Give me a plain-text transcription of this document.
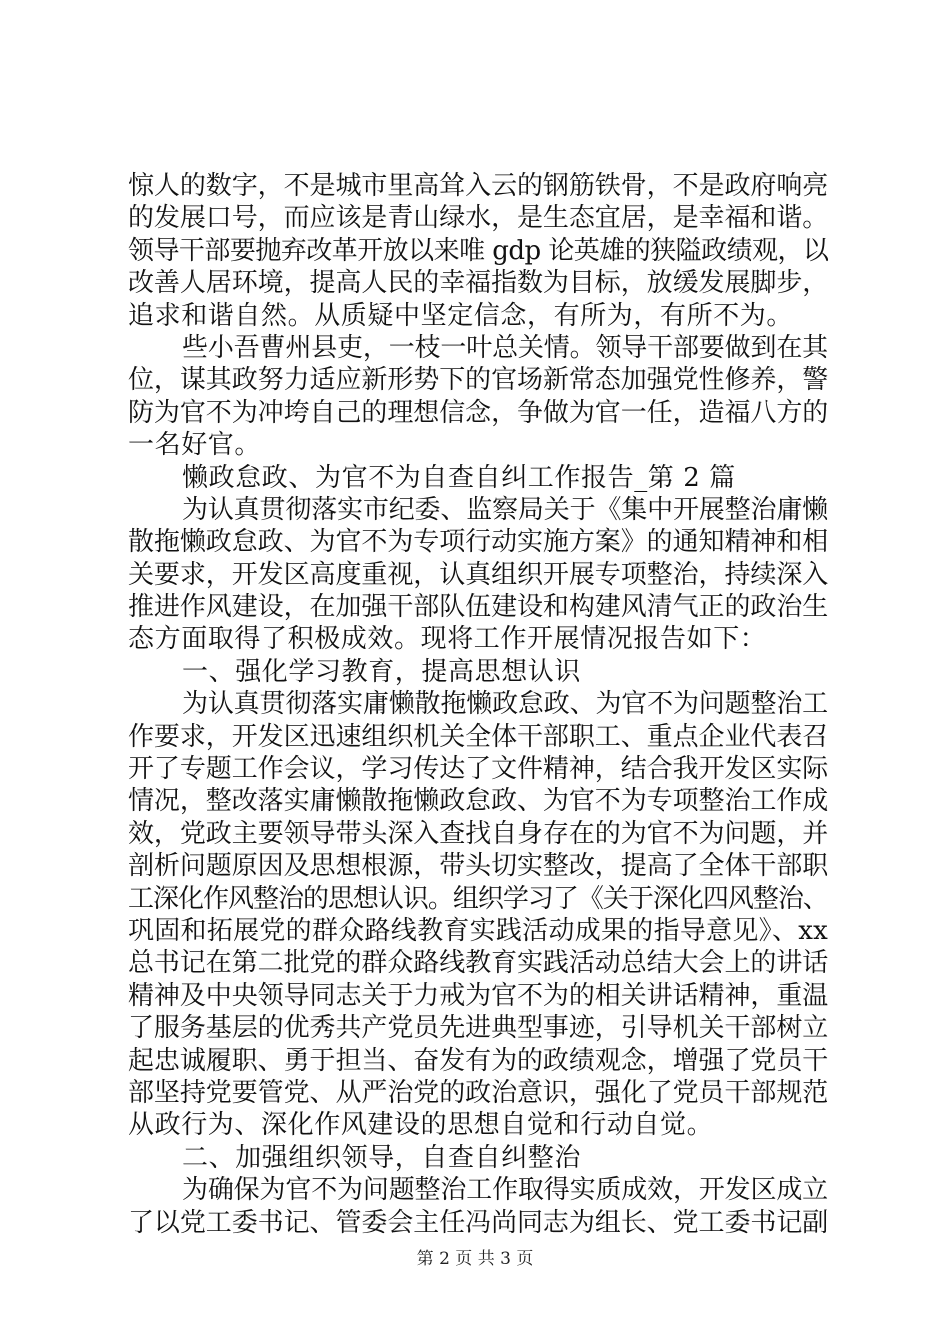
惊人的数字，不是城市里高耸入云的钢筋铁骨，不是政府响亮
的发展口号，而应该是青山绿水，是生态宜居，是幸福和谐。
领导干部要抛弃改革开放以来唯 gdp 论英雄的狭隘政绩观，以
改善人居环境，提高人民的幸福指数为目标，放缓发展脚步，
追求和谐自然。从质疑中坚定信念，有所为，有所不为。
些小吾曹州县吏，一枝一叶总关情。领导干部要做到在其
位，谋其政努力适应新形势下的官场新常态加强党性修养，警
防为官不为冲垮自己的理想信念，争做为官一任，造福八方的
一名好官。
懒政怠政、为官不为自查自纠工作报告_第 2 篇
为认真贯彻落实市纪委、监察局关于《集中开展整治庸懒
散拖懒政怠政、为官不为专项行动实施方案》的通知精神和相
关要求，开发区高度重视，认真组织开展专项整治，持续深入
推进作风建设，在加强干部队伍建设和构建风清气正的政治生
态方面取得了积极成效。现将工作开展情况报告如下：
一、强化学习教育，提高思想认识
为认真贯彻落实庸懒散拖懒政怠政、为官不为问题整治工
作要求，开发区迅速组织机关全体干部职工、重点企业代表召
开了专题工作会议，学习传达了文件精神，结合我开发区实际
情况，整改落实庸懒散拖懒政怠政、为官不为专项整治工作成
效，党政主要领导带头深入查找自身存在的为官不为问题，并
剖析问题原因及思想根源，带头切实整改，提高了全体干部职
工深化作风整治的思想认识。组织学习了《关于深化四风整治、
巩固和拓展党的群众路线教育实践活动成果的指导意见》、xx
总书记在第二批党的群众路线教育实践活动总结大会上的讲话
精神及中央领导同志关于力戒为官不为的相关讲话精神，重温
了服务基层的优秀共产党员先进典型事迹，引导机关干部树立
起忠诚履职、勇于担当、奋发有为的政绩观念，增强了党员干
部坚持党要管党、从严治党的政治意识，强化了党员干部规范
从政行为、深化作风建设的思想自觉和行动自觉。
二、加强组织领导，自查自纠整治
为确保为官不为问题整治工作取得实质成效，开发区成立
了以党工委书记、管委会主任冯尚同志为组长、党工委书记副
第 2 页 共 3 页
